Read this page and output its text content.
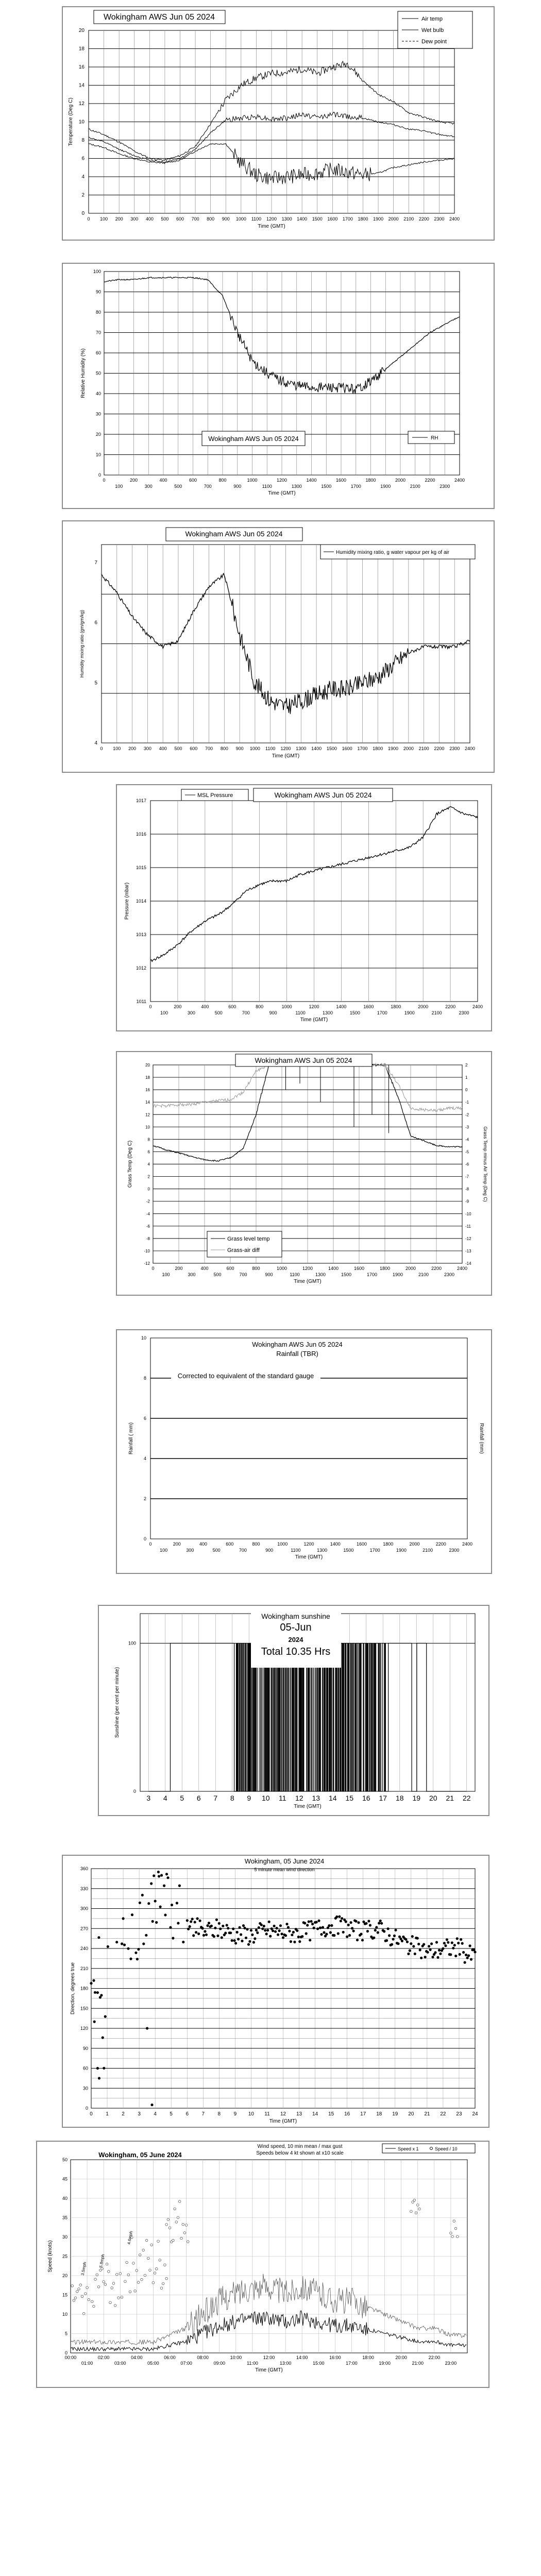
0
2
4
6
8
10
12
14
16
18
20
0 100 200 300 400 500 600 700 800 900 1000 1100 1200 1300 1400 1500 1600 1700 1800 1900 2000 2100 2200 2300 2400
Temperature (Deg C)
Time (GMT)
Wokingham AWS Jun 05 2024	Air temp
Wet bulb
Dew point
0
10
20
30
40
50
60
70
80
90
100
0	200	400	600	800	1000	1200	1400	1600	1800	2000	2200	2400
100	300	500	700	900	1100	1300	1500	1700	1900	2100	2300
Relative Humidity (%)
Time (GMT)
Wokingham AWS Jun 05 2024	RH
4
5
6
7
0 100 200 300 400 500 600 700 800 900 1000 1100 1200 1300 1400 1500 1600 1700 1800 1900 2000 2100 2200 2300 2400
Humidity mixing ratio (gm/gm/kg)
Time (GMT)
Wokingham AWS Jun 05 2024
Humidity mixing ratio, g water vapour per kg of air
1011
1012
1013
1014
1015
1016
1017
0	200	400	600	800	1000	1200	1400	1600	1800	2000	2200	2400
100	300	500	700	900	1100	1300	1500	1700	1900	2100	2300
Pressure (mbar)
Time (GMT)
MSL Pressure	Wokingham AWS Jun 05 2024
-12
-10
-8
-6
-4
-2
0
2
4
6
8
10
12
14
16
18
20
-14
-13
-12
-11
-10
-9
-8
-7
-6
-5
-4
-3
-2
-1
0
1
2
0	200	400	600	800	1000	1200	1400	1600	1800	2000	2200	2400
100	300	500	700	900	1100	1300	1500	1700	1900	2100	2300
Grass Temp (Deg C)	Grass Temp minus Air Temp (Deg C)
Time (GMT)
Wokingham AWS Jun 05 2024
Grass level temp
Grass-air diff
0
2
4
6
8
10
0	200	400	600	800	1000	1200	1400	1600	1800	2000	2200	2400
100	300	500	700	900	1100	1300	1500	1700	1900	2100	2300
Rainfall ( mm)	Rainfall (mm)
Time (GMT)
Wokingham AWS Jun 05 2024
Rainfall (TBR)
Corrected to equivalent of the standard gauge
0
100
3 4 5 6 7 8 9 10 11 12 13 14 15 16 17 18 19 20 21 22
Sunshine (per cent per minute)
Time (GMT)
Wokingham sunshine
05-Jun
2024
Total 10.35 Hrs
0
30
60
90
120
150
180
210
240
270
300
330
360
0	1	2	3	4	5	6	7	8	9 10 11 12 13 14 15 16 17 18 19 20 21 22 23 24
Direction, degrees true
Time (GMT)
Wokingham, 05 June 2024
5 minute mean wind direction
0
5
10
15
20
25
30
35
40
45
50
00:00	02:00	04:00	06:00	08:00	10:00	12:00	14:00	16:00	18:00	20:00	22:00
01:00	03:00	05:00	07:00	09:00	11:00	13:00	15:00	17:00	19:00	21:00	23:00
Speed (knots)
Time (GMT)
Wokingham, 05 June 2024
Wind speed, 10 min mean / max gust
Speeds below 4 kt shown at x10 scale
Speed x 1	Speed / 10
3.5mph
5.8mph
4.6mph
